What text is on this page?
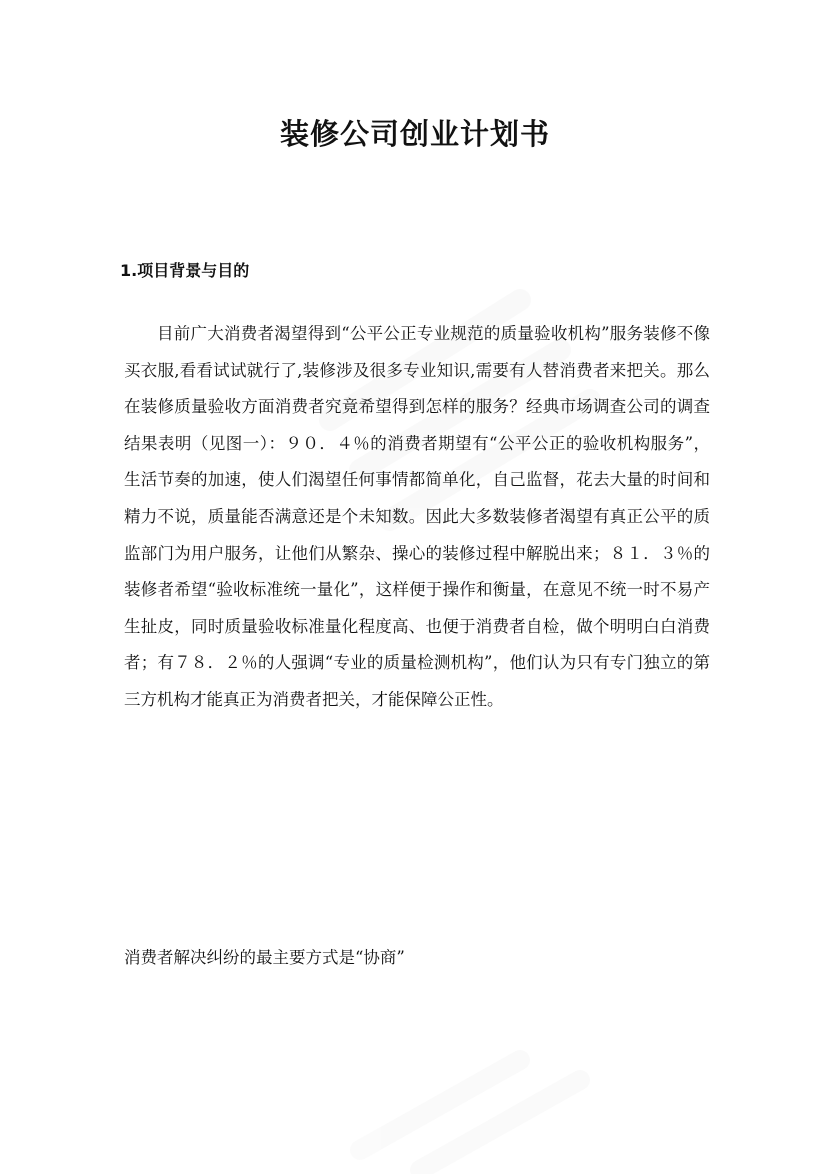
装修公司创业计划书
1.项目背景与目的

目前广大消费者渴望得到“公平公正专业规范的质量验收机构”服务装修不像买衣服,看看试试就行了,装修涉及很多专业知识,需要有人替消费者来把关。那么在装修质量验收方面消费者究竟希望得到怎样的服务？经典市场调查公司的调查结果表明（见图一）：９０．４％的消费者期望有“公平公正的验收机构服务”，生活节奏的加速，使人们渴望任何事情都简单化，自己监督，花去大量的时间和精力不说，质量能否满意还是个未知数。因此大多数装修者渴望有真正公平的质监部门为用户服务，让他们从繁杂、操心的装修过程中解脱出来；８１．３％的装修者希望“验收标准统一量化”，这样便于操作和衡量，在意见不统一时不易产生扯皮，同时质量验收标准量化程度高、也便于消费者自检，做个明明白白消费者；有７８．２％的人强调“专业的质量检测机构”，他们认为只有专门独立的第三方机构才能真正为消费者把关，才能保障公正性。

消费者解决纠纷的最主要方式是“协商”
